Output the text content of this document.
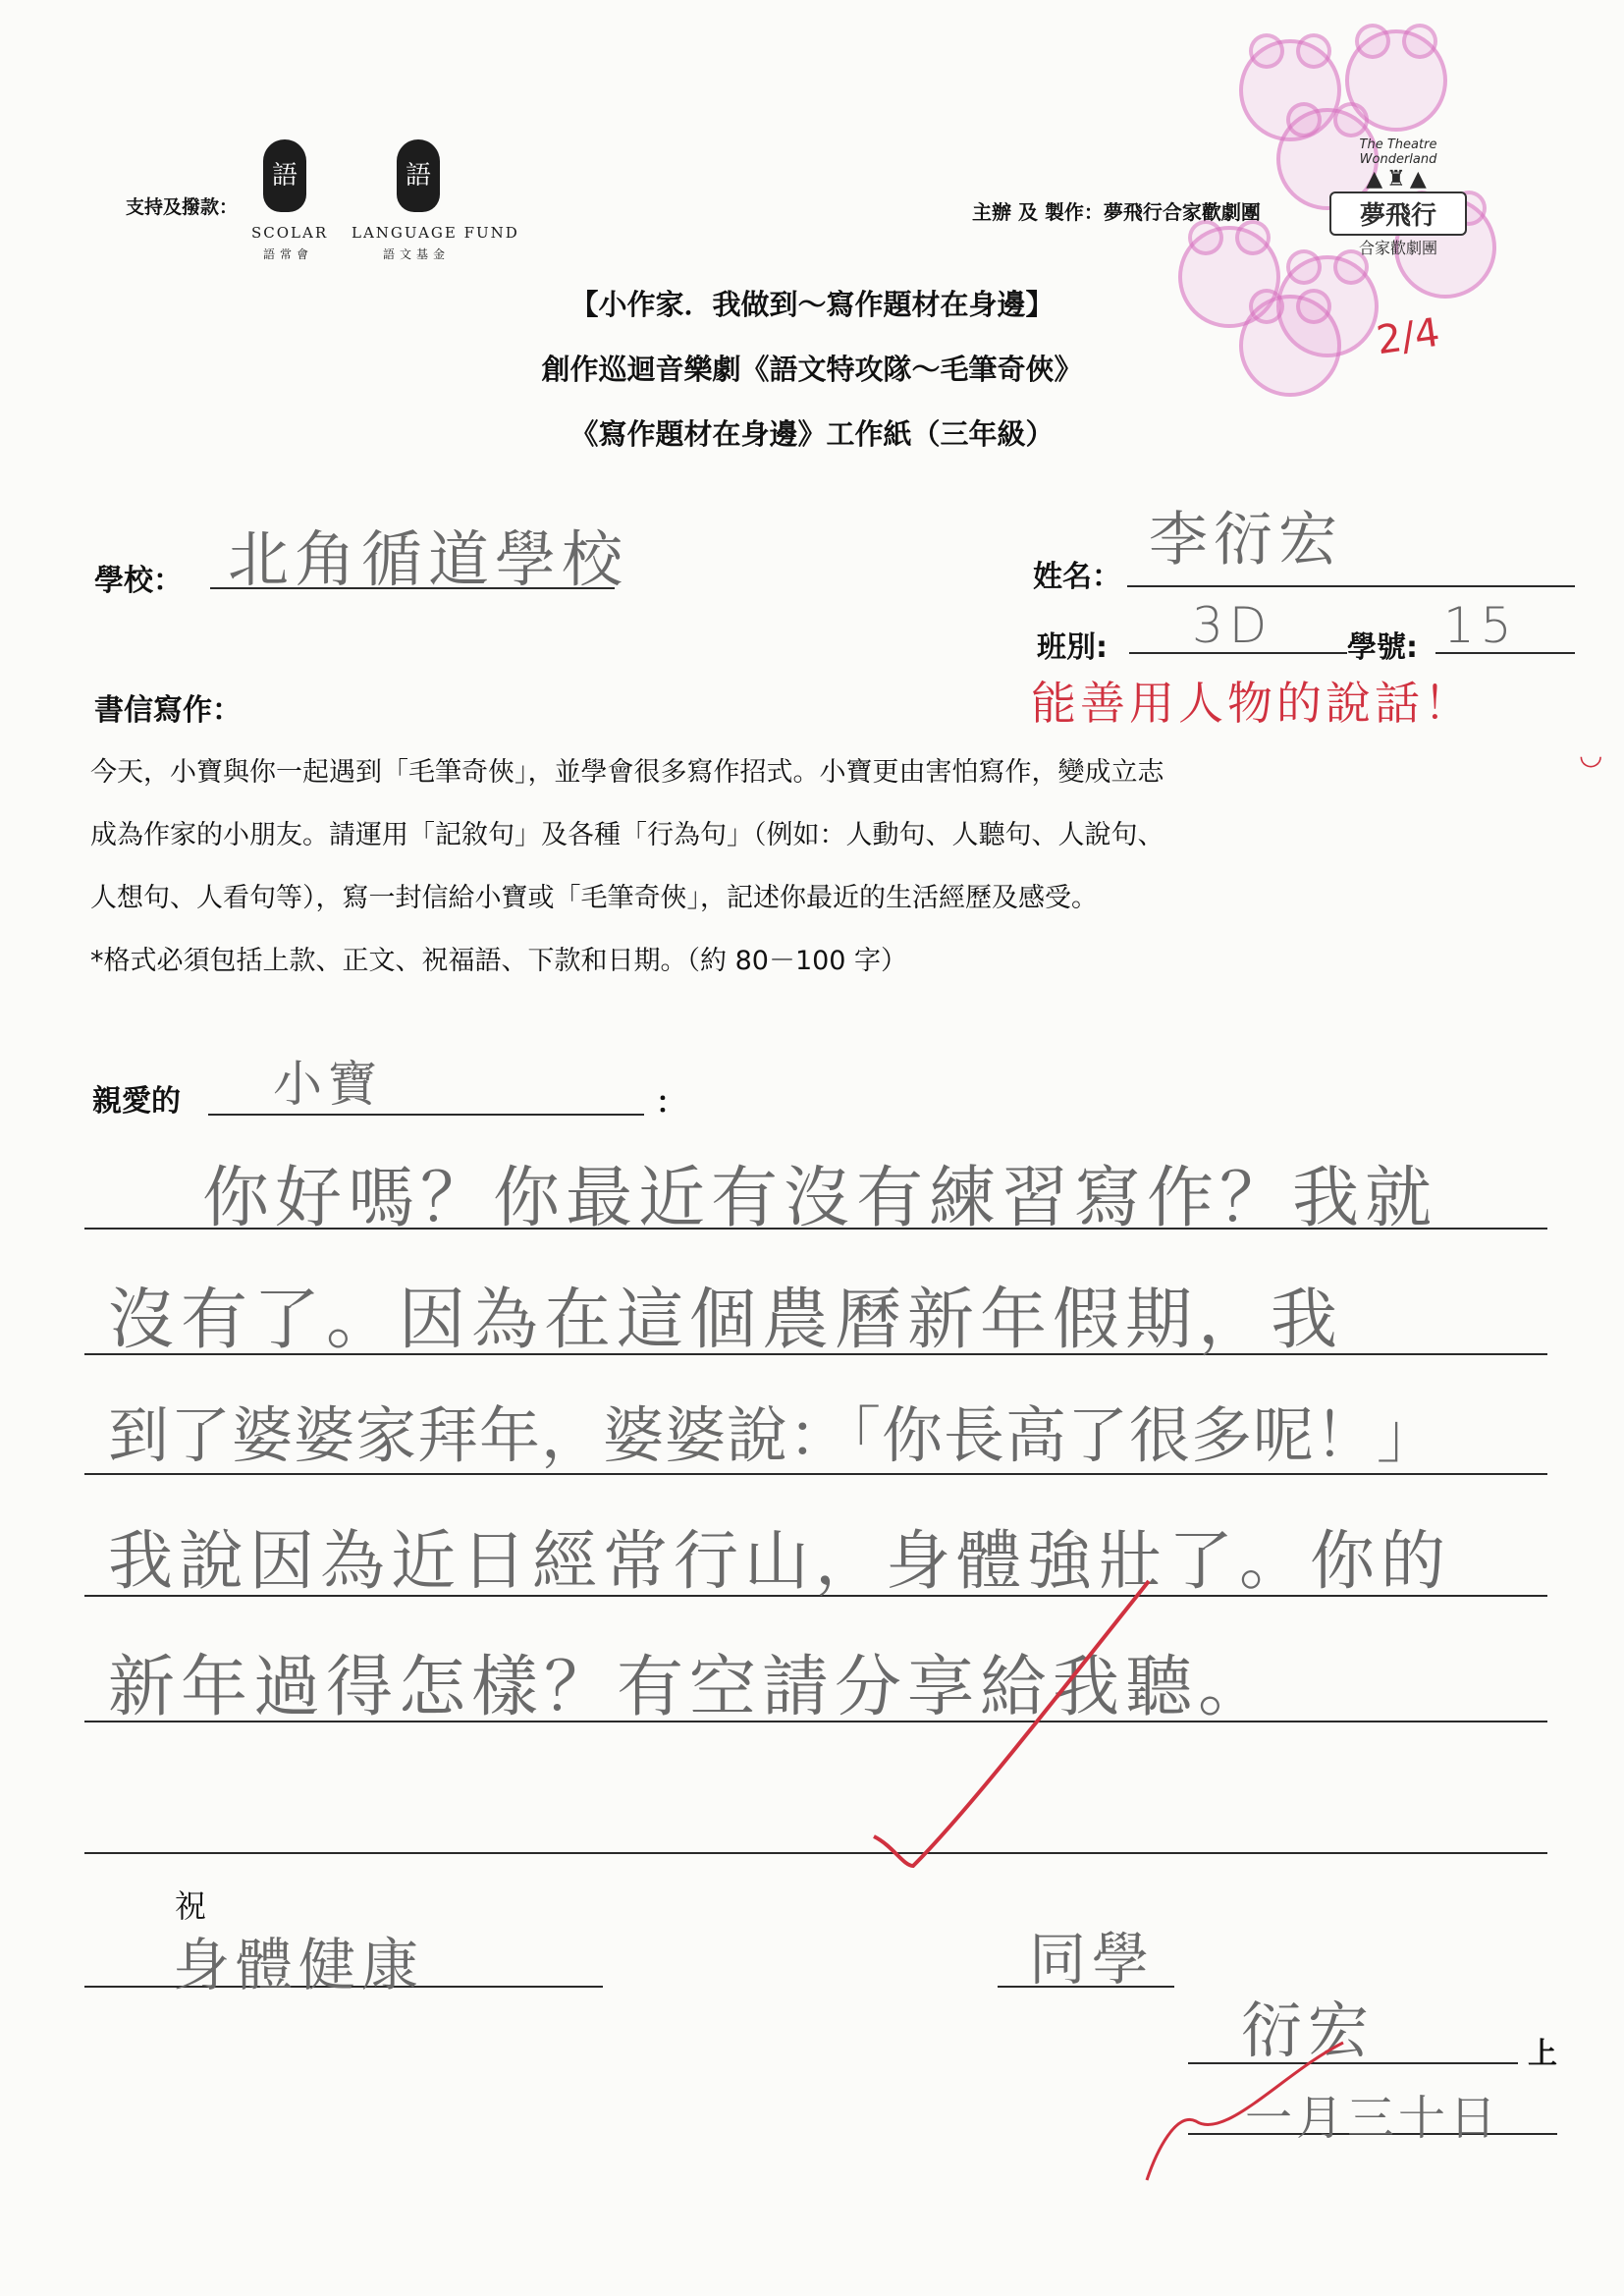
支持及撥款：
語
SCOLAR
語常會
語
LANGUAGE FUND
語文基金
主辦 及 製作：夢飛行合家歡劇團
The Theatre Wonderland
▲♜▲
夢飛行
合家歡劇團
2/4
【小作家．我做到～寫作題材在身邊】
創作巡迴音樂劇《語文特攻隊～毛筆奇俠》
《寫作題材在身邊》工作紙（三年級）
學校： 北角循道學校	姓名：
李衍宏
班別: 3D	學號: 15
書信寫作：	能善用人物的說話！
◡
今天，小寶與你一起遇到「毛筆奇俠」，並學會很多寫作招式。小寶更由害怕寫作，變成立志
成為作家的小朋友。請運用「記敘句」及各種「行為句」（例如：人動句、人聽句、人說句、
人想句、人看句等），寫一封信給小寶或「毛筆奇俠」，記述你最近的生活經歷及感受。
*格式必須包括上款、正文、祝福語、下款和日期。（約 80－100 字）
親愛的 小寶	：
你好嗎？你最近有沒有練習寫作？我就
沒有了。因為在這個農曆新年假期，我
到了婆婆家拜年，婆婆說：「你長高了很多呢！」
我說因為近日經常行山，身體強壯了。你的
新年過得怎樣？有空請分享給我聽。
祝
身體健康	同學
衍宏	上
一月三十日
